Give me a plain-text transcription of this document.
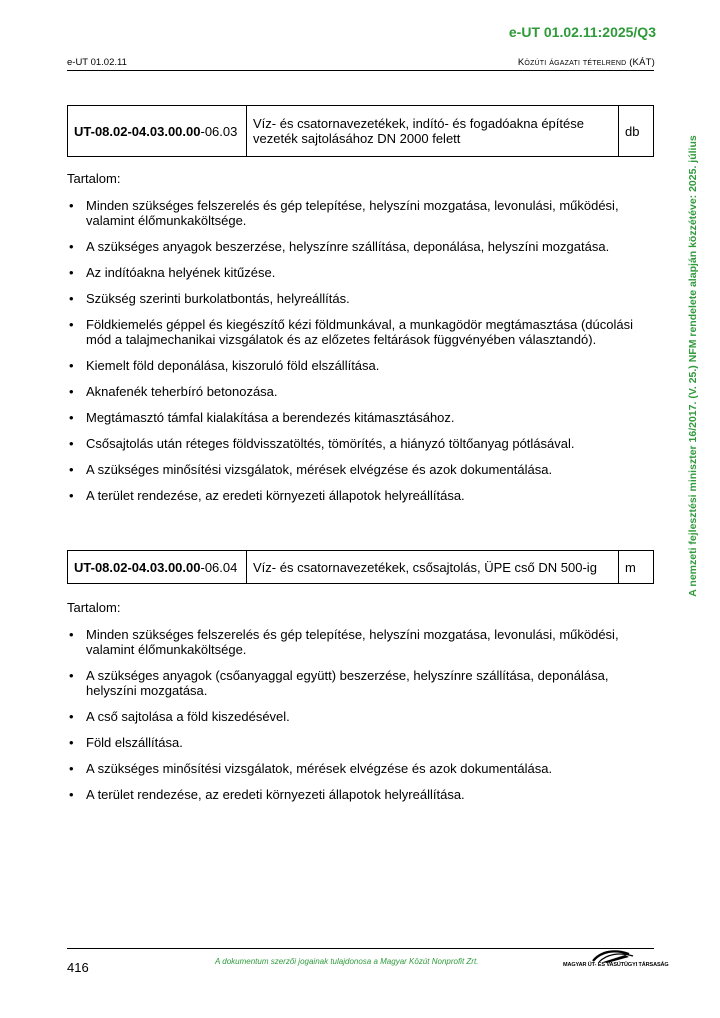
e-UT 01.02.11:2025/Q3
e-UT 01.02.11	Közúti ágazati tételrend (KÁT)
A nemzeti fejlesztési miniszter 16/2017. (V. 25.) NFM rendelete alapján közzétéve: 2025. július
UT-08.02-04.03.00.00-06.03	Víz- és csatornavezetékek, indító- és fogadóakna építése vezeték sajtolásához DN 2000 felett	db
Tartalom:
• Minden szükséges felszerelés és gép telepítése, helyszíni mozgatása, levonulási, működési, valamint élőmunkaköltsége.
• A szükséges anyagok beszerzése, helyszínre szállítása, deponálása, helyszíni mozgatása.
• Az indítóakna helyének kitűzése.
• Szükség szerinti burkolatbontás, helyreállítás.
• Földkiemelés géppel és kiegészítő kézi földmunkával, a munkagödör megtámasztása (dúcolási mód a talajmechanikai vizsgálatok és az előzetes feltárások függvényében választandó).
• Kiemelt föld deponálása, kiszoruló föld elszállítása.
• Aknafenék teherbíró betonozása.
• Megtámasztó támfal kialakítása a berendezés kitámasztásához.
• Csősajtolás után réteges földvisszatöltés, tömörítés, a hiányzó töltőanyag pótlásával.
• A szükséges minősítési vizsgálatok, mérések elvégzése és azok dokumentálása.
• A terület rendezése, az eredeti környezeti állapotok helyreállítása.
UT-08.02-04.03.00.00-06.04	Víz- és csatornavezetékek, csősajtolás, ÜPE cső DN 500-ig	m
Tartalom:
• Minden szükséges felszerelés és gép telepítése, helyszíni mozgatása, levonulási, működési, valamint élőmunkaköltsége.
• A szükséges anyagok (csőanyaggal együtt) beszerzése, helyszínre szállítása, deponálása, helyszíni mozgatása.
• A cső sajtolása a föld kiszedésével.
• Föld elszállítása.
• A szükséges minősítési vizsgálatok, mérések elvégzése és azok dokumentálása.
• A terület rendezése, az eredeti környezeti állapotok helyreállítása.
416	A dokumentum szerzői jogainak tulajdonosa a Magyar Közút Nonprofit Zrt.	MAGYAR ÚT- ÉS VASÚTÜGYI TÁRSASÁG
